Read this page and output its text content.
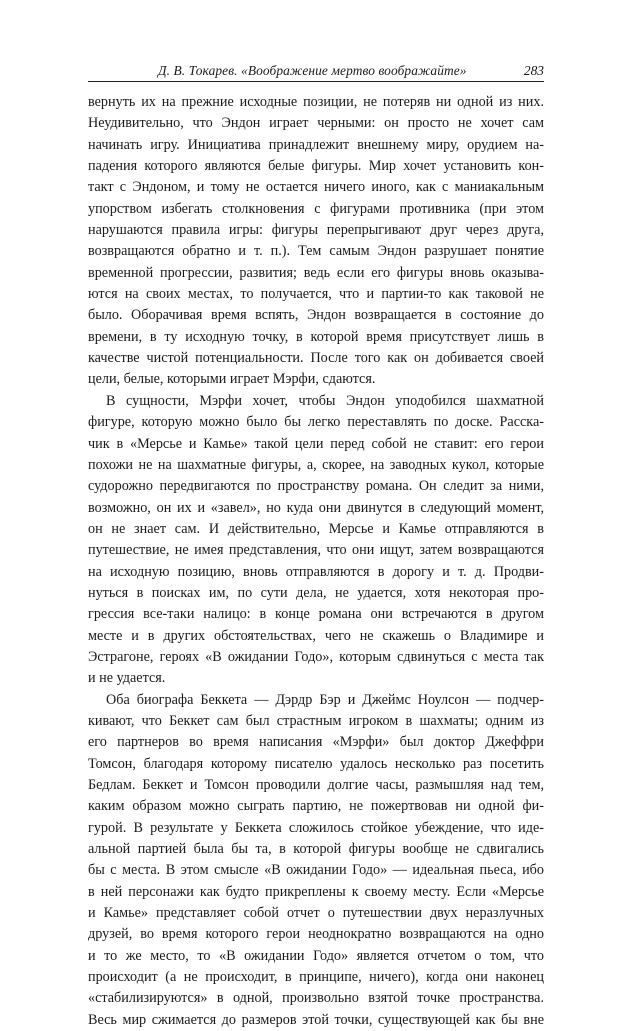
Д. В. Токарев. «Воображение мертво воображайте»	283
вернуть их на прежние исходные позиции, не потеряв ни одной из них.
Неудивительно, что Эндон играет черными: он просто не хочет сам
начинать игру. Инициатива принадлежит внешнему миру, орудием на-
падения которого являются белые фигуры. Мир хочет установить кон-
такт с Эндоном, и тому не остается ничего иного, как с маниакальным
упорством избегать столкновения с фигурами противника (при этом
нарушаются правила игры: фигуры перепрыгивают друг через друга,
возвращаются обратно и т. п.). Тем самым Эндон разрушает понятие
временной прогрессии, развития; ведь если его фигуры вновь оказыва-
ются на своих местах, то получается, что и партии-то как таковой не
было. Оборачивая время вспять, Эндон возвращается в состояние до
времени, в ту исходную точку, в которой время присутствует лишь в
качестве чистой потенциальности. После того как он добивается своей
цели, белые, которыми играет Мэрфи, сдаются.
В сущности, Мэрфи хочет, чтобы Эндон уподобился шахматной
фигуре, которую можно было бы легко переставлять по доске. Расска-
чик в «Мерсье и Камье» такой цели перед собой не ставит: его герои
похожи не на шахматные фигуры, а, скорее, на заводных кукол, которые
судорожно передвигаются по пространству романа. Он следит за ними,
возможно, он их и «завел», но куда они двинутся в следующий момент,
он не знает сам. И действительно, Мерсье и Камье отправляются в
путешествие, не имея представления, что они ищут, затем возвращаются
на исходную позицию, вновь отправляются в дорогу и т. д. Продви-
нуться в поисках им, по сути дела, не удается, хотя некоторая про-
грессия все-таки налицо: в конце романа они встречаются в другом
месте и в других обстоятельствах, чего не скажешь о Владимире и
Эстрагоне, героях «В ожидании Годо», которым сдвинуться с места так
и не удается.
Оба биографа Беккета — Дэрдр Бэр и Джеймс Ноулсон — подчер-
кивают, что Беккет сам был страстным игроком в шахматы; одним из
его партнеров во время написания «Мэрфи» был доктор Джеффри
Томсон, благодаря которому писателю удалось несколько раз посетить
Бедлам. Беккет и Томсон проводили долгие часы, размышляя над тем,
каким образом можно сыграть партию, не пожертвовав ни одной фи-
гурой. В результате у Беккета сложилось стойкое убеждение, что иде-
альной партией была бы та, в которой фигуры вообще не сдвигались
бы с места. В этом смысле «В ожидании Годо» — идеальная пьеса, ибо
в ней персонажи как будто прикреплены к своему месту. Если «Мерсье
и Камье» представляет собой отчет о путешествии двух неразлучных
друзей, во время которого герои неоднократно возвращаются на одно
и то же место, то «В ожидании Годо» является отчетом о том, что
происходит (а не происходит, в принципе, ничего), когда они наконец
«стабилизируются» в одной, произвольно взятой точке пространства.
Весь мир сжимается до размеров этой точки, существующей как бы вне
